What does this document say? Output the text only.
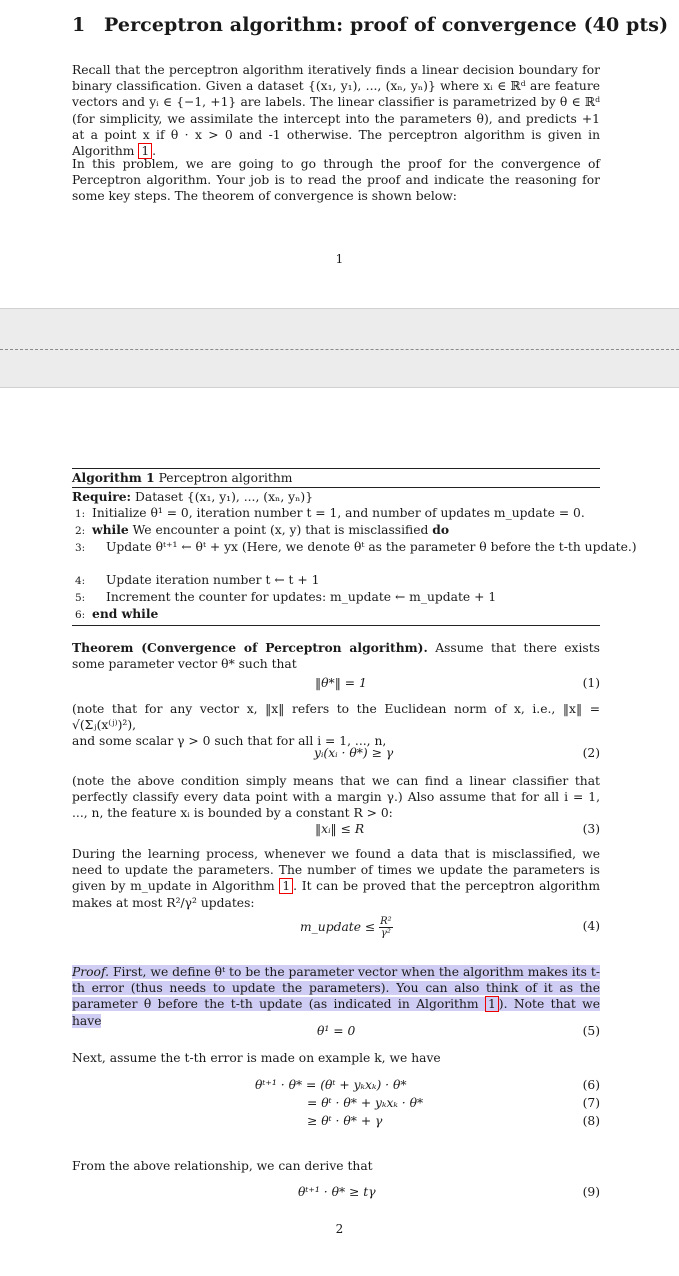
1 Perceptron algorithm: proof of convergence (40 pts)
Recall that the perceptron algorithm iteratively finds a linear decision boundary for binary classification. Given a dataset {(x₁, y₁), ..., (xₙ, yₙ)} where xᵢ ∈ ℝᵈ are feature vectors and yᵢ ∈ {−1, +1} are labels. The linear classifier is parametrized by θ ∈ ℝᵈ (for simplicity, we assimilate the intercept into the parameters θ), and predicts +1 at a point x if θ · x > 0 and -1 otherwise. The perceptron algorithm is given in Algorithm 1 .
In this problem, we are going to go through the proof for the convergence of Perceptron algorithm. Your job is to read the proof and indicate the reasoning for some key steps. The theorem of convergence is shown below:
1
Algorithm 1 Perceptron algorithm
Require: Dataset {(x₁, y₁), ..., (xₙ, yₙ)}
1: Initialize θ¹ = 0, iteration number t = 1, and number of updates m_update = 0.
2: while We encounter a point (x, y) that is misclassified do
3: Update θᵗ⁺¹ ← θᵗ + yx (Here, we denote θᵗ as the parameter θ before the t-th update.)
4: Update iteration number t ← t + 1
5: Increment the counter for updates: m_update ← m_update + 1
6: end while
Theorem (Convergence of Perceptron algorithm). Assume that there exists some parameter vector θ* such that
‖θ*‖ = 1	(1)
(note that for any vector x, ‖x‖ refers to the Euclidean norm of x, i.e., ‖x‖ = √(Σⱼ(x⁽ʲ⁾)²),
and some scalar γ > 0 such that for all i = 1, ..., n,
yᵢ(xᵢ · θ*) ≥ γ	(2)
(note the above condition simply means that we can find a linear classifier that perfectly classify every data point with a margin γ.) Also assume that for all i = 1, ..., n, the feature xᵢ is bounded by a constant R > 0:
‖xᵢ‖ ≤ R	(3)
During the learning process, whenever we found a data that is misclassified, we need to update the parameters. The number of times we update the parameters is given by m_update in Algorithm 1 . It can be proved that the perceptron algorithm makes at most R²/γ² updates:
m_update ≤ $\frac{\text{R²}}{\text{γ²}}$	(4)
Proof. First, we define θᵗ to be the parameter vector when the algorithm makes its t-th error (thus needs to update the parameters). You can also think of it as the parameter θ before the t-th update (as indicated in Algorithm 1 ). Note that we have
θ¹ = 0	(5)
Next, assume the t-th error is made on example k, we have
θᵗ⁺¹ · θ* = (θᵗ + yₖxₖ) · θ*	(6)
= θᵗ · θ* + yₖxₖ · θ*	(7)
≥ θᵗ · θ* + γ	(8)
From the above relationship, we can derive that
θᵗ⁺¹ · θ* ≥ tγ	(9)
2
